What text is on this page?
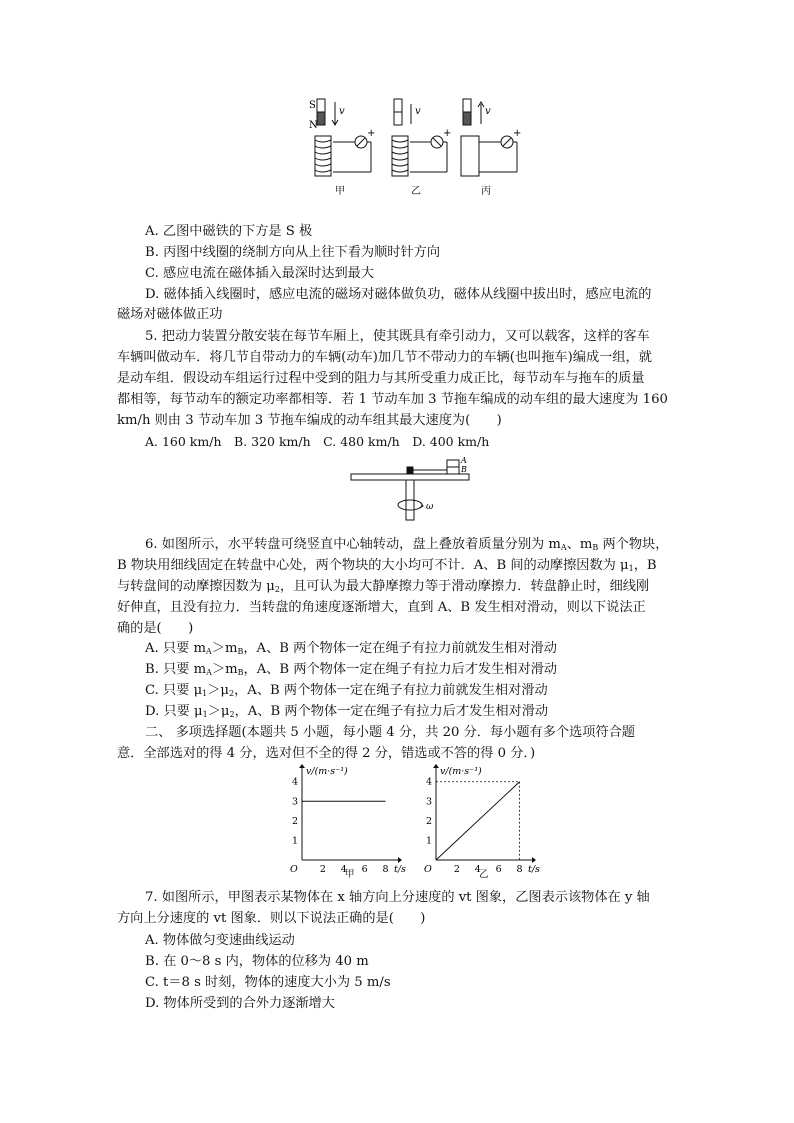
S
N
v	v	v
+	+	+
甲	乙	丙
A. 乙图中磁铁的下方是 S 极
B. 丙图中线圈的绕制方向从上往下看为顺时针方向
C. 感应电流在磁体插入最深时达到最大
D. 磁体插入线圈时，感应电流的磁场对磁体做负功，磁体从线圈中拔出时，感应电流的
磁场对磁体做正功
5. 把动力装置分散安装在每节车厢上，使其既具有牵引动力，又可以载客，这样的客车
车辆叫做动车．将几节自带动力的车辆(动车)加几节不带动力的车辆(也叫拖车)编成一组，就
是动车组．假设动车组运行过程中受到的阻力与其所受重力成正比，每节动车与拖车的质量
都相等，每节动车的额定功率都相等．若 1 节动车加 3 节拖车编成的动车组的最大速度为 160
km/h 则由 3 节动车加 3 节拖车编成的动车组其最大速度为(　　)
A. 160 km/h　B. 320 km/h　C. 480 km/h　D. 400 km/h
A
B
ω
6. 如图所示，水平转盘可绕竖直中心轴转动，盘上叠放着质量分别为 $m_A$、$m_B$ 两个物块，
B 物块用细线固定在转盘中心处，两个物块的大小均可不计．A、B 间的动摩擦因数为 $\mu_1$，B
与转盘间的动摩擦因数为 $\mu_2$，且可认为最大静摩擦力等于滑动摩擦力．转盘静止时，细线刚
好伸直，且没有拉力．当转盘的角速度逐渐增大，直到 A、B 发生相对滑动，则以下说法正
确的是(　　)
A. 只要 $m_A>m_B$，A、B 两个物体一定在绳子有拉力前就发生相对滑动
B. 只要 $m_A>m_B$，A、B 两个物体一定在绳子有拉力后才发生相对滑动
C. 只要 $\mu_1>\mu_2$，A、B 两个物体一定在绳子有拉力前就发生相对滑动
D. 只要 $\mu_1>\mu_2$，A、B 两个物体一定在绳子有拉力后才发生相对滑动
二、 多项选择题(本题共 5 小题，每小题 4 分，共 20 分．每小题有多个选项符合题
意．全部选对的得 4 分，选对但不全的得 2 分，错选或不答的得 0 分．)
v/(m·s⁻¹)
t/s
O 2 4 6 8
1
2
3
4
甲
v/(m·s⁻¹)
t/s
O 2 4 6 8
1
2
3
4
乙
7. 如图所示，甲图表示某物体在 x 轴方向上分速度的 vt 图象，乙图表示该物体在 y 轴
方向上分速度的 vt 图象．则以下说法正确的是(　　)
A. 物体做匀变速曲线运动
B. 在 0～8 s 内，物体的位移为 40 m
C. t＝8 s 时刻，物体的速度大小为 5 m/s
D. 物体所受到的合外力逐渐增大
